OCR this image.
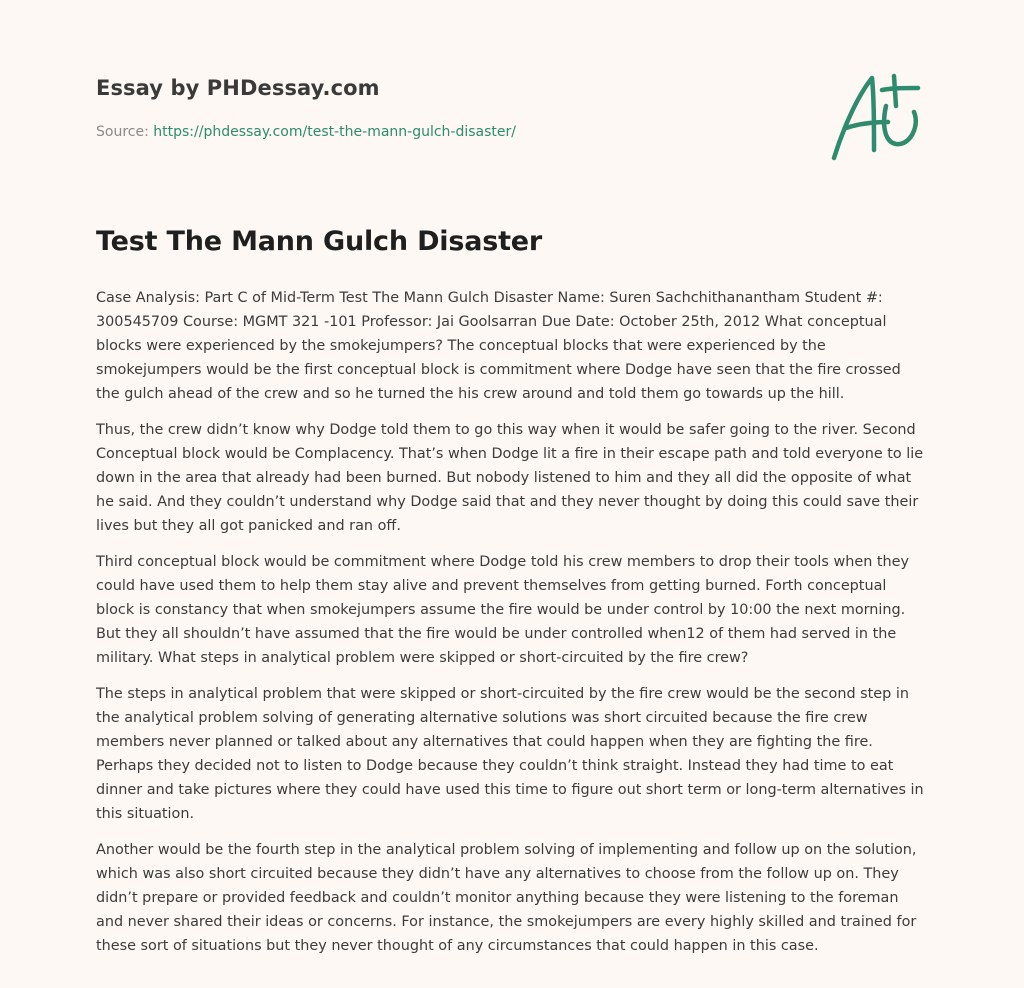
Essay by PHDessay.com
Source: https://phdessay.com/test-the-mann-gulch-disaster/
Test The Mann Gulch Disaster

Case Analysis: Part C of Mid-Term Test The Mann Gulch Disaster Name: Suren Sachchithanantham Student #: 300545709 Course: MGMT 321 -101 Professor: Jai Goolsarran Due Date: October 25th, 2012 What conceptual blocks were experienced by the smokejumpers? The conceptual blocks that were experienced by the smokejumpers would be the first conceptual block is commitment where Dodge have seen that the fire crossed the gulch ahead of the crew and so he turned the his crew around and told them go towards up the hill.

Thus, the crew didn’t know why Dodge told them to go this way when it would be safer going to the river. Second Conceptual block would be Complacency. That’s when Dodge lit a fire in their escape path and told everyone to lie down in the area that already had been burned. But nobody listened to him and they all did the opposite of what he said. And they couldn’t understand why Dodge said that and they never thought by doing this could save their lives but they all got panicked and ran off.

Third conceptual block would be commitment where Dodge told his crew members to drop their tools when they could have used them to help them stay alive and prevent themselves from getting burned. Forth conceptual block is constancy that when smokejumpers assume the fire would be under control by 10:00 the next morning. But they all shouldn’t have assumed that the fire would be under controlled when12 of them had served in the military. What steps in analytical problem were skipped or short-circuited by the fire crew?

The steps in analytical problem that were skipped or short-circuited by the fire crew would be the second step in the analytical problem solving of generating alternative solutions was short circuited because the fire crew members never planned or talked about any alternatives that could happen when they are fighting the fire. Perhaps they decided not to listen to Dodge because they couldn’t think straight. Instead they had time to eat dinner and take pictures where they could have used this time to figure out short term or long-term alternatives in this situation.

Another would be the fourth step in the analytical problem solving of implementing and follow up on the solution, which was also short circuited because they didn’t have any alternatives to choose from the follow up on. They didn’t prepare or provided feedback and couldn’t monitor anything because they were listening to the foreman and never shared their ideas or concerns. For instance, the smokejumpers are every highly skilled and trained for these sort of situations but they never thought of any circumstances that could happen in this case.
